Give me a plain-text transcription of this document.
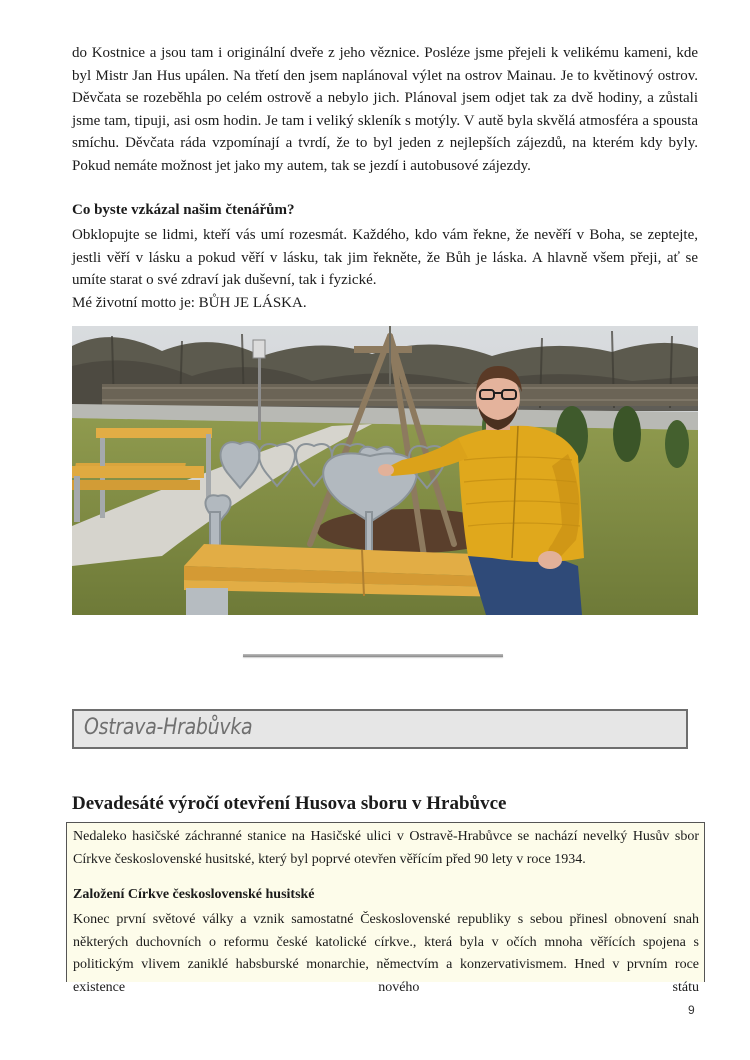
do Kostnice a jsou tam i originální dveře z jeho věznice. Posléze jsme přejeli k velikému kameni, kde byl Mistr Jan Hus upálen. Na třetí den jsem naplánoval výlet na ostrov Mainau. Je to květinový ostrov. Děvčata se rozeběhla po celém ostrově a nebylo jich. Plánoval jsem odjet tak za dvě hodiny, a zůstali jsme tam, tipuji, asi osm hodin. Je tam i veliký skleník s motýly. V autě byla skvělá atmosféra a spousta smíchu. Děvčata ráda vzpomínají a tvrdí, že to byl jeden z nejlepších zájezdů, na kterém kdy byly. Pokud nemáte možnost jet jako my autem, tak se jezdí i autobusové zájezdy.

Co byste vzkázal našim čtenářům?

Obklopujte se lidmi, kteří vás umí rozesmát. Každého, kdo vám řekne, že nevěří v Boha, se zeptejte, jestli věří v lásku a pokud věří v lásku, tak jim řekněte, že Bůh je láska. A hlavně všem přeji, ať se umíte starat o své zdraví jak duševní, tak i fyzické.

Mé životní motto je: BŮH JE LÁSKA.

Ostrava-Hrabůvka

Devadesáté výročí otevření Husova sboru v Hrabůvce

Nedaleko hasičské záchranné stanice na Hasičské ulici v Ostravě-Hrabůvce se nachází nevelký Husův sbor Církve československé husitské, který byl poprvé otevřen věřícím před 90 lety v roce 1934.

Založení Církve československé husitské

Konec první světové války a vznik samostatné Československé republiky s sebou přinesl obnovení snah některých duchovních o reformu české katolické církve., která byla v očích mnoha věřících spojena s politickým vlivem zaniklé habsburské monarchie, němectvím a konzervativismem. Hned v prvním roce existence nového státu

9
